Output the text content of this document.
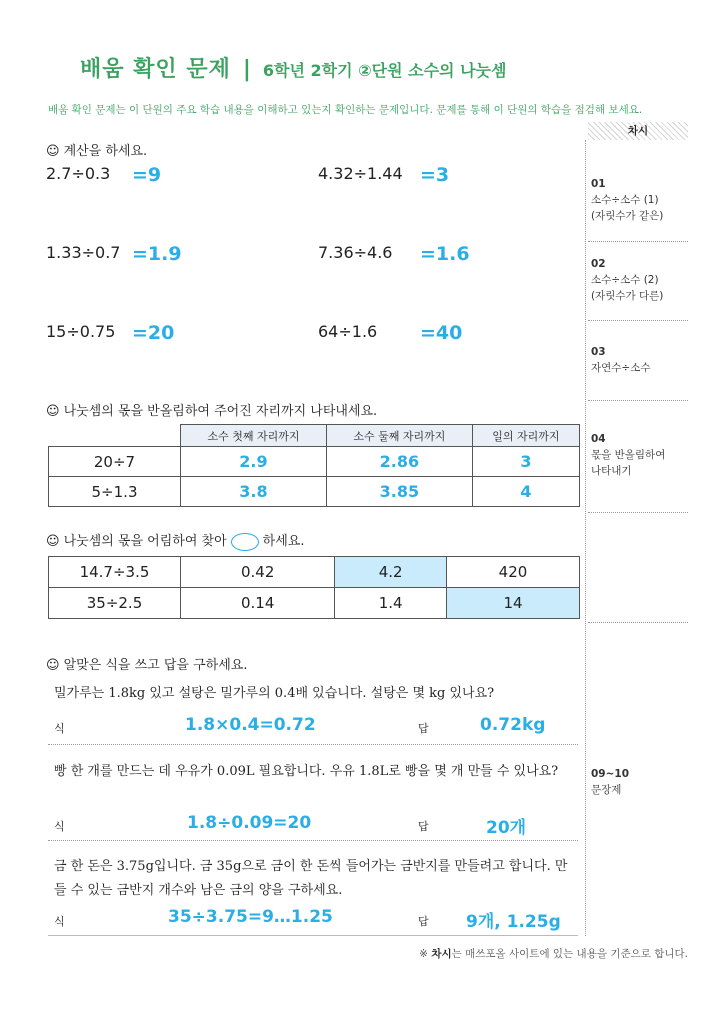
배움 확인 문제 | 6학년 2학기 ②단원 소수의 나눗셈
배움 확인 문제는 이 단원의 주요 학습 내용을 이해하고 있는지 확인하는 문제입니다. 문제를 통해 이 단원의 학습을 점검해 보세요.
차시
01
소수÷소수 (1)
(자릿수가 같은)
02
소수÷소수 (2)
(자릿수가 다른)
03
자연수÷소수
04
몫을 반올림하여
나타내기
09~10
문장제
☺ 계산을 하세요.
2.7÷0.3 =9	4.32÷1.44 =3
1.33÷0.7 =1.9	7.36÷4.6 =1.6
15÷0.75 =20	64÷1.6 =40
☺ 나눗셈의 몫을 반올림하여 주어진 자리까지 나타내세요.
	소수 첫째 자리까지	소수 둘째 자리까지	일의 자리까지
20÷7	2.9	2.86	3
5÷1.3	3.8	3.85	4
☺ 나눗셈의 몫을 어림하여 찾아	하세요.
14.7÷3.5	0.42	4.2	420
35÷2.5	0.14	1.4	14
☺ 알맞은 식을 쓰고 답을 구하세요.
밀가루는 1.8kg 있고 설탕은 밀가루의 0.4배 있습니다. 설탕은 몇 kg 있나요?
식	1.8×0.4=0.72	답	0.72kg
빵 한 개를 만드는 데 우유가 0.09L 필요합니다. 우유 1.8L로 빵을 몇 개 만들 수 있나요?
식	1.8÷0.09=20	답	20개
금 한 돈은 3.75g입니다. 금 35g으로 금이 한 돈씩 들어가는 금반지를 만들려고 합니다. 만들 수 있는 금반지 개수와 남은 금의 양을 구하세요.
식	35÷3.75=9…1.25	답 9개, 1.25g
※ 차시는 매쓰포올 사이트에 있는 내용을 기준으로 합니다.
